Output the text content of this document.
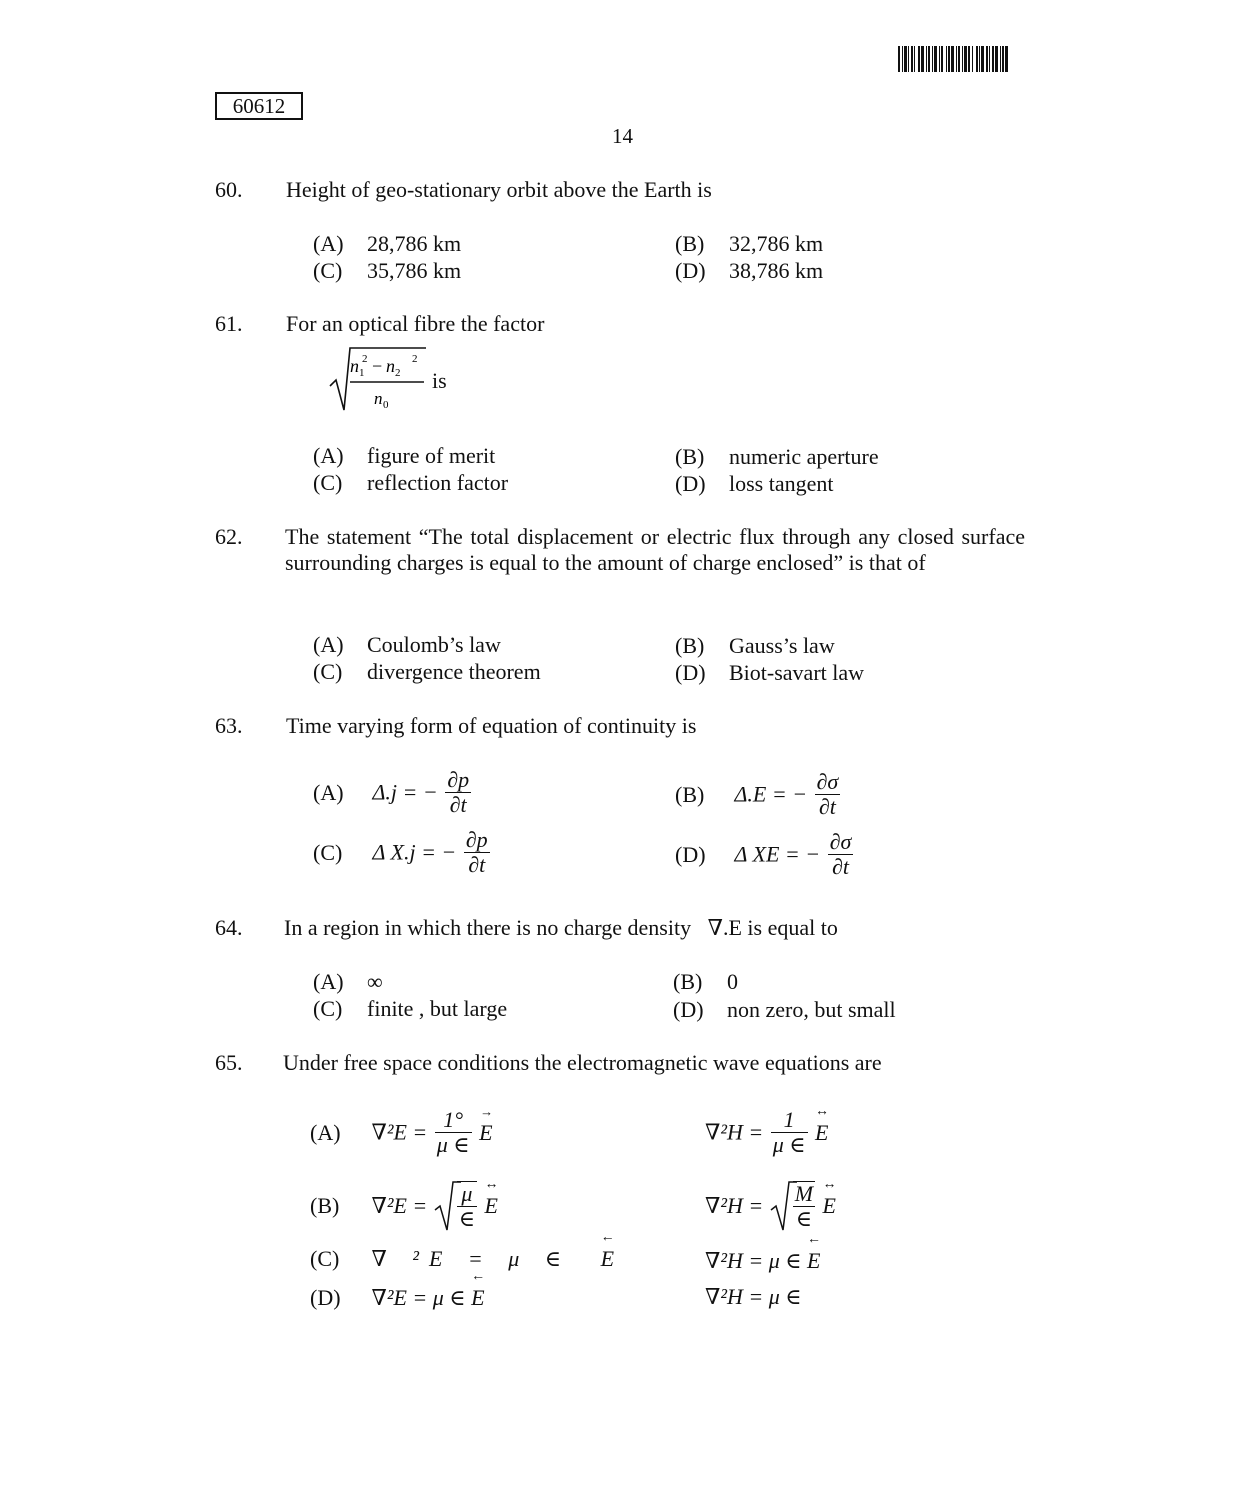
60612
14
60. Height of geo-stationary orbit above the Earth is
(A) 28,786 km
(C) 35,786 km
(B) 32,786 km
(D) 38,786 km
61. For an optical fibre the factor
n 1
2 − n 2
2
n 0
is
(A) figure of merit
(C) reflection factor
(B) numeric aperture
(D) loss tangent
62. The statement “The total displacement or electric flux through any closed surface surrounding charges is equal to the amount of charge enclosed” is that of
(A) Coulomb’s law
(C) divergence theorem
(B) Gauss’s law
(D) Biot-savart law
63. Time varying form of equation of continuity is
(A) Δ.j = − $\frac{\partial p}{\partial t}$
(C) Δ X.j = − $\frac{\partial p}{\partial t}$
(B) Δ.E = − $\frac{\partial\sigma}{\partial t}$
(D) Δ XE = − $\frac{\partial\sigma}{\partial t}$
64. In a region in which there is no charge density ∇.E is equal to
(A) ∞
(C) finite , but large
(B) 0
(D) non zero, but small
65. Under free space conditions the electromagnetic wave equations are
(A) $\nabla^2E = \frac{1^\circ}{\mu \in}$
→ E	$\nabla^2H = \frac{1}{\mu \in}$
↔ E
(B) $\nabla^2E = \frac{\mu}{\in}$
↔ E	$\nabla^2H = \frac{M}{\in}$
↔ E
(C) ∇ ²E = μ ∈ ← E	∇²H = μ ∈ ← E
(D) ∇²E = μ ∈ ← E	∇²H = μ ∈
